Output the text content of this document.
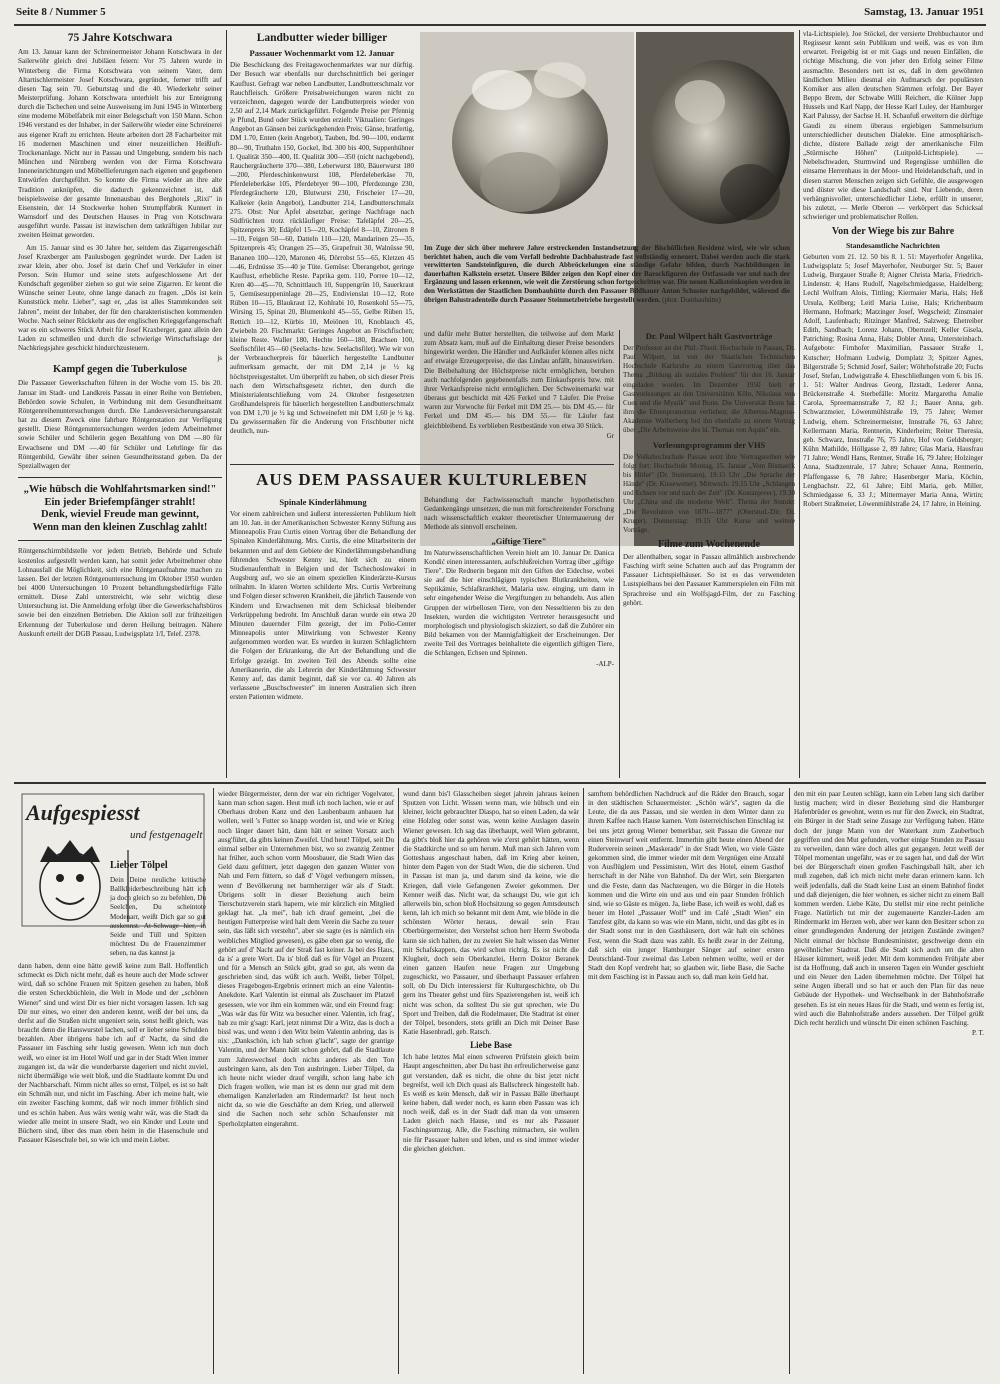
Seite 8 / Nummer 5	Samstag, 13. Januar 1951
75 Jahre Kotschwara

Am 13. Januar kann der Schreinermeister Johann Kotschwara in der Sailerwöhr gleich drei Jubiläen feiern: Vor 75 Jahren wurde in Winterberg die Firma Kotschwara von seinem Vater, dem Altartischlermeister Josef Kotschwara, gegründet, ferner trifft auf diesen Tag sein 70. Geburtstag und die 40. Wiederkehr seiner Meisterprüfung. Johann Kotschwara unterhielt bis zur Enteignung durch die Tschechen und seine Ausweisung im Juni 1945 in Winterberg eine moderne Möbelfabrik mit einer Belegschaft von 150 Mann. Schon 1946 verstand es der Inhaber, in der Sailerwöhr wieder eine Schreinerei aus eigener Kraft zu errichten. Heute arbeiten dort 28 Facharbeiter mit 16 modernen Maschinen und einer neuzeitlichen Heißluft-Trockenanlage. Nicht nur in Passau und Umgebung, sondern bis nach München und Nürnberg werden von der Firma Kotschwara Inneneinrichtungen und Möbellieferungen nach eigenen und gegebenen Entwürfen durchgeführt. So konnte die Firma wieder an ihre alte Tradition anknüpfen, die dadurch gekennzeichnet ist, daß beispielsweise der gesamte Innenausbau des Berghotels „Rixi" in Eisenstein, der 14 Stockwerke hohen Strumpffabrik Kunnert in Warnsdorf und des Deutschen Hauses in Prag von Kotschwara ausgeführt wurde. Passau ist inzwischen dem tatkräftigen Jubilar zur zweiten Heimat geworden.

Am 15. Januar sind es 30 Jahre her, seitdem das Zigarrengeschäft Josef Kraxberger am Paulusbogen gegründet wurde. Der Laden ist zwar klein, aber oho. Josef ist darin Chef und Verkäufer in einer Person. Sein Humor und seine stets aufgeschlossene Art der Kundschaft gegenüber ziehen so gut wie seine Zigarren. Er kennt die Wünsche seiner Leute, ohne lange danach zu fragen. „Dös ist kein Kunststück mehr. Lieber", sagt er, „das ist alles Stammkunden seit Jahren", meint der Inhaber, der für den charakteristischen kommenden Woche. Nach seiner Rückkehr aus der englischen Kriegsgefangenschaft war es ein schweres Stück Arbeit für Josef Kraxberger, ganz allein den Laden zu schmeißen und durch die schwierige Wirtschaftslage der Nachkriegsjahre geschickt hindurchzusteuern.

js
Kampf gegen die Tuberkulose

Die Passauer Gewerkschaften führen in der Woche vom 15. bis 20. Januar im Stadt- und Landkreis Passau in einer Reihe von Betrieben, Behörden sowie Schulen, in Verbindung mit dem Gesundheitsamt Röntgenreihenuntersuchungen durch. Die Landesversicherungsanstalt hat zu diesem Zweck eine fahrbare Röntgenstation zur Verfügung gestellt. Diese Röntgenuntersuchungen werden jedem Arbeitnehmer sowie Schüler und Schülerin gegen Bezahlung von DM —.80 für Erwachsene und DM —.40 für Schüler und Lehrlinge für das Röntgenbild, Gewähr über seinen Gesundheitsstand geben. Da der Speziallwagen der

„Wie hübsch die Wohlfahrtsmarken sind!"
Ein jeder Briefempfänger strahlt!
Denk, wieviel Freude man gewinnt,
Wenn man den kleinen Zuschlag zahlt!

Röntgenschirmbildstelle vor jedem Betrieb, Behörde und Schule kostenlos aufgestellt werden kann, hat somit jeder Arbeitnehmer ohne Lohnausfall die Möglichkeit, sich eine Röntgenaufnahme machen zu lassen. Bei der letzten Röntgenuntersuchung im Oktober 1950 wurden bei 4000 Untersuchungen 10 Prozent behandlungsbedürftige Fälle ermittelt. Diese Zahl unterstreicht, wie sehr wichtig diese Untersuchung ist. Die Anmeldung erfolgt über die Gewerkschaftsbüros sowie bei den einzelnen Betrieben. Die Aktion soll zur frühzeitigen Erkennung der Tuberkulose und deren Heilung beitragen. Nähere Auskunft erteilt der DGB Passau, Ludwigsplatz 1/I, Telef. 2378.

Landbutter wieder billiger
Passauer Wochenmarkt vom 12. Januar

Die Beschickung des Freitagswochenmarktes war nur dürftig. Der Besuch war ebenfalls nur durchschnittlich bei geringer Kauflust. Gefragt war neben Landbutter, Landbutterschmalz vor Rauchfleisch. Größere Preisabweichungen waren nicht zu verzeichnen, dagegen wurde der Landbutterpreis wieder von 2,50 auf 2,14 Mark zurückgeführt. Folgende Preise per Pfennig je Pfund, Bund oder Stück wurden erzielt: Viktualien: Geringes Angebot an Gänsen bei zurückgehenden Preis; Gänse, bratfertig, DM 1.70, Enten (kein Angebot), Tauben, lbd. 90—100, endarmt 80—90, Truthahn 150, Gockel, lbd. 300 bis 400, Suppenhühner I. Qualität 350—400, II. Qualität 300—350 (nicht nachgebend), Rauchergräucherte 370—380, Leberwurst 180, Bäuerwurst 180—200, Pferdeschinkenwurst 108, Pferdeleberkäse 70, Pferdeleberkäse 105, Pferdebryer 90—100, Pferdezunge 230, Pferdegräucherte 120, Blutwurst 230, Frischeier 17—20, Kalkeier (kein Angebot), Landbutter 214, Landbutterschmalz 275. Obst: Nur Äpfel absetzbar, geringe Nachfrage nach Südfrüchten trotz rückläufiger Preise: Tafeläpfel 20—25, Spitzenpreis 30; Edäpfel 15—20, Kochäpfel 8—10, Zitronen 8—10, Feigen 50—60, Datteln 110—120, Mandarinen 25—35, Spitzenpreis 45; Orangen 25—35, Grapefruit 30, Walnüsse 90, Bananen 100—120, Maronen 46, Dörrobst 55—65, Kletzen 45—46, Erdnüsse 35—40 je Tüte. Gemüse: Überangebot, geringe Kauflust, erhebliche Reste. Paprika gem. 110, Porree 10—12, Kren 40—45—70, Schnittlauch 10, Suppengrün 10, Sauerkraut 5, Gemüsesuppeninlage 20—25, Endivienslat 10—12, Rote Rüben 10—15, Blaukraut 12, Kohlrabi 10, Rosenkohl 55—75, Wirsing 15, Spinat 20, Blumenkohl 45—55, Gelbe Rüben 15, Rettich 10—12, Kürbis 10, Meiönen 10, Knoblauch 45, Zwiebeln 20. Fischmarkt: Geringes Angebot an Frischfischen; kleine Reste. Waller 180, Hechte 160—180, Brachsen 100, Seefischfilet 45—60 (Seelachs- bzw. Seelachsfilet). Wie wir von der Verbraucherpreis für bäuerlich hergestellte Landbutter aufmerksam gemacht, der mit DM 2,14 je ½ kg höchstpreisgestaltet. Um überprüft zu haben, ob sich dieser Preis nach dem Wirtschaftsgesetz richtet, den durch die Ministerialentschließung vom 24. Oktober festgesetzten Großhandelspreis für bäuerlich hergestellten Landbutterschmalz von DM 1,70 je ½ kg und Schweinefett mit DM 1,60 je ½ kg. Da gewissermaßen für die Anderung von Frischbutter nicht deutlich, nun-

Im Zuge der sich über mehrere Jahre erstreckenden Instandsetzung der Bischöflichen Residenz wird, wie wir schon berichtet haben, auch die vom Verfall bedrohte Dachbalustrade fast vollständig erneuert. Dabei werden auch die stark verwitterten Sandsteinfiguren, die durch Abbröckelungen eine ständige Gefahr bilden, durch Nachbildungen in dauerhaften Kalkstein ersetzt. Unsere Bilder zeigen den Kopf einer der Barockfiguren der Ostfassade vor und nach der Ergänzung und lassen erkennen, wie weit die Zerstörung schon fortgeschritten war. Die neuen Kalksteinkopien werden in den Werkstätten der Staatlichen Dombauhütte durch den Passauer Bildhauer Anton Schuster nachgebildet, während die übrigen Balustradenteile durch Passauer Steinmetzbetriebe hergestellt werden. (phot. Dombauhütte)
AUS DEM PASSAUER KULTURLEBEN
Spinale Kinderlähmung

Vor einem zahlreichen und äußerst interessierten Publikum hielt am 10. Jan. in der Amerikanischen Schwester Kenny Stiftung aus Minneapolis Frau Curtis einen Vortrag über die Behandlung der Spinalen Kinderlähmung. Mrs. Curtis, die eine Mitarbeiterin der bekannten und auf dem Gebiete der Kinderlähmungsbehandlung führenden Schwester Kenny ist, hielt sich zu einem Studienaufenthalt in Belgien und der Tschechoslowakei in Augsburg auf, wo sie an einem speziellen Kinderärzte-Kursus teilnahm. In klaren Worten schilderte Mrs. Curtis Verbreitung und Folgen dieser schweren Krankheit, die jährlich Tausende von Kindern und Erwachsenen mit dem Schicksal bleibender Verkrüppelung bedroht. Im Anschluß daran wurde ein etwa 20 Minuten dauernder Film gezeigt, der im Polio-Center Minneapolis unter Mitwirkung von Schwester Kenny aufgenommen worden war. Es wurden in kurzen Schlaglichtern die Folgen der Erkrankung, die Art der Behandlung und die Erfolge gezeigt. Im zweiten Teil des Abends sollte eine Amerikanerin, die als Lehrerin der Kinderlähmung Schwester Kenny auf, das damit beginnt, daß sie vor ca. 40 Jahren als verlassene „Buschschwester" im inneren Australien sich ihren ersten Patienten widmete.

Behandlung der Fachwissenschaft manche hypothetischen Gedankengänge umsetzen, die nun mit fortschreitender Forschung nach wissenschaftlich exakter theoretischer Untermauerung der Methode als sinnvoll erscheinen.

„Giftige Tiere"

Im Naturwissenschaftlichen Verein hielt am 10. Januar Dr. Danica Kondić einen interessanten, aufschlußreichen Vortrag über „giftige Tiere". Die Rednerin begann mit den Giften der Eidechse, wobei sie auf die hier einschlägigen typischen Blutkrankheiten, wie Septikämie, Schlafkrankheit, Malaria usw. einging, um dann in sehr eingehender Weise die Vergiftungen zu behandeln. Aus allen Gruppen der wirbellosen Tiere, von den Nesseltieren bis zu den Insekten, wurden die wichtigsten Vertreter herausgesucht und morphologisch und physiologisch skizziert, so daß die Zuhörer ein Bild bekamen von der Mannigfaltigkeit der Erscheinungen. Der zweite Teil des Vortrages beinhaltete die eigentlich giftigen Tiere, die Schlangen, Echsen und Spinnen.

-ALP-

und dafür mehr Butter herstellten, die teilweise auf dem Markt zum Absatz kam, muß auf die Einhaltung dieser Preise besonders hingewirkt werden. Die Händler und Aufkäufer können alles nicht auf etwaige Erzeugerpreise, die das Lindau anfällt, hinauswirken. Die Beibehaltung der Höchstpreise nicht ermöglichen, beruhen auch nachfolgenden gegebenenfalls zum Einkaufspreis bzw. mit ihrer Verkaufspreise nicht ermöglichen. Der Schweinemarkt war überaus gut beschickt mit 426 Ferkel und 7 Läufer. Die Preise waren zur Vorwoche für Ferkel mit DM 25.— bis DM 45.— für Ferkel und DM 45.— bis DM 55.— für Läufer fast gleichbleibend. Es verblieben Restbestände von etwa 30 Stück.

Gr
Dr. Paul Wilpert hält Gastvorträge

Der Professor an der Phil.-Theol. Hochschule in Passau, Dr. Paul Wilpert, ist von der Staatlichen Technischen Hochschule Karlsruhe zu einem Gastvortrag über das Thema „Bildung als soziales Problem" für den 16. Januar eingeladen worden. Im Dezember 1950 hielt er Gastvorlesungen an den Universitäten Köln, Nikolaus von Cues und die Mystik" und Bonn. Die Universität Bonn hat ihm die Ehrenpromotion verliehen; die Albertus-Magnus-Akademie Walberberg lud ihn ebenfalls zu einem Vortrag über „Die Arbeitsweise des hl. Thomas von Aquin" ein.

Vorlesungsprogramm der VHS

Die Volkshochschule Passau setzt ihre Vortragsreihen wie folgt fort: Hochschule Montag, 15. Januar „Vom Bismarck bis Hitler" (Dr. Steinmann), 19.15 Uhr „Die Sprache der Hände" (Dr. Kiesewetter). Mittwoch: 19.15 Uhr „Schlangen und Echsen vor und nach der Zeit" (Dr. Kostanjevec), 19.30 Uhr „China und die moderne Welt". Thema der Stunde: „Die Revolution von 1870—1877" (Oberstud.-Dir. Dr. Kruger). Donnerstag: 19.15 Uhr Kurse und weitere Vorträge.

Filme zum Wochenende

Der allenthalben, sogar in Passau allmählich ausbrechende Fasching wirft seine Schatten auch auf das Programm der Passauer Lichtspielhäuser. So ist es das verwendeten Lustspielhaus bei den Passauer Kammerspielen ein Film mit Sprachreise und ein Wolfsjagd-Film, der zu Fasching gehört.

vla-Lichtspiele). Joe Stöckel, der versierte Drehbuchautor und Regisseur kennt sein Publikum und weiß, was es von ihm erwartet. Freigebig ist er mit Gags und neuen Einfällen, die richtige Mischung, die von jeher den Erfolg seiner Filme ausmachte. Besonders nett ist es, daß in dem gewöhnten ländlichen Milieu diesmal ein Aufmarsch der populärsten Komiker aus allen deutschen Stämmen erfolgt. Der Bayer Beppo Brem, der Schwabe Willi Reichert, die Kölner Jupp Hussels und Karl Napp, der Hesse Karl Luley, der Hamburger Karl Palussy, der Sachse H. H. Schaufuß erweitern die dürftige Gaudi zu einem überaus ergiebigen Sammelsurium unterschiedlicher deutschen Dialekte. Eine atmosphärisch-dichte, düstere Ballade zeigt der amerikanische Film „Stürmische Höhen" (Luitpold-Lichtspiele). — Nebelschwaden, Sturmwind und Regengüsse umhüllen die einsame Herrenhaus in der Moor- und Heidelandschaft, und in diesen starren Menschen zeigen sich Gefühle, die ausgewogen und düster wie diese Landschaft sind. Nur Liebende, deren verhängnisvoller, unterschiedlicher Liebe, erfüllt in unserer, bis zuletzt, — Merle Oberon — verkörpert das Schicksal schwieriger und problematischer Rollen.

Von der Wiege bis zur Bahre
Standesamtliche Nachrichten

Geburten vom 21. 12. 50 bis 8. 1. 51: Mayerhofer Angelika, Ludwigsplatz 5; Josef Mayerhofer, Neuburger Str. 5; Bauer Ludwig, Burgauer Straße 8; Aigner Christa Maria, Friedrich-Lindenstr. 4; Hans Rudolf, Nagelschmiedgasse, Haidelberg; Lechl Wolfram Alois, Tittling; Kiermaier Maria, Hals; Heß Ursula, Kellberg; Leitl Maria Luise, Hals; Krichenbaum Hermann, Hofmark; Matzinger Josef, Wegscheid; Zinsmaier Adolf, Laufenbach; Ritzinger Manfred, Salzweg; Ehetreiber Edith, Sandbach; Lorenz Johann, Obernzell; Keller Gisela, Patriching; Rosina Anna, Hals; Dobler Anna, Untersteinbach. Aufgebote: Firnhofer Maximilian, Passauer Straße 1, Kutscher; Hofmann Ludwig, Domplatz 3; Spitzer Agnes, Bilgerstraße 5; Schmid Josef, Sailer; Wöhrhofstraße 20; Fuchs Josef, Stefan, Ludwigstraße 4. Eheschließungen vom 6. bis 16. 1. 51: Walter Andreas Georg, Ilzstadt, Lederer Anna, Brückenstraße 4. Sterbefälle: Moritz Margaretha Amalie Carola, Spreemannstraße 7, 82 J.; Bauer Anna, geb. Schwarzmeier, Löwenmühlstraße 19, 75 Jahre; Werner Ludwig, ehem. Schreinermeister, Innstraße 76, 63 Jahre; Kellermann Maria, Rentnerin, Kinderheim; Reiter Theresia, geb. Schwarz, Innstraße 76, 75 Jahre, Hof von Geldsberger; Kühn Mathilde, Höllgasse 2, 89 Jahre; Glas Maria, Hausfrau 71 Jahre; Wendl Hans, Rentner, Straße 16, 79 Jahre; Holzinger Anna, Stadtzentrale, 17 Jahre; Schauer Anna, Rentnerin, Pfaffengasse 6, 78 Jahre; Hasenberger Maria, Köchin, Lengbachstr. 22, 61 Jahre; Eibl Maria, geb. Miller, Schmiedgasse 6, 33 J.; Mittermayer Maria Anna, Wirtin; Robert Straßmeier, Löwenmühlstraße 24, 17 Jahre, in Heining.

Aufgespiesst
und festgenagelt
Lieber Tölpel

Dein Deine neuliche kritische Ballkleiderbeschreibung hätt ich ja doch gleich so zu befehlen, Du Seelchen, Du scheintote Modenarr, weißt Dich gar so gut auskennst. At-Schwage hier, in Seide und Tüll und Spitzen möchtest Du de Frauenzimmer sehen, na das kannst ja

dann haben, denn eine hätte gewiß keine zum Ball. Hoffentlich schmeckt es Dich nicht mehr, daß es heute auch der Mode schwer wird, daß so schöne Frauen mit Spitzen gesehen zu haben, bloß die ersten Scheckbüchlein, die Welt in Mode und der „schönen Wiener" sind und wirst Dir es hier nicht vorsagen lassen. Ich sag Dir nur eines, wo einer den anderen kennt, weiß der bei uns, da derfst auf die Straßen nicht ungeniert sein, sonst heißt gleich, was braucht denn die Hanswurstel lachen, soll er lieber seine Schulden bezahlen. Aber übrigens habe ich auf d' Nacht, da sind die Passauer im Fasching sehr lustig gewesen. Wenn ich nun doch weiß, wo einer ist im Hotel Wolf und gar in der Stadt Wien immer zugangen ist, da wär die wunderbarste dageriert und nicht zuviel, nicht übermäßige wie weit bloß, und die Stadtlaute kommt Du und der Nachbarschaft. Nimm nicht alles so ernst, Tölpel, es ist so halt ein Schmäh nur, und nicht im Fasching. Aber ich meine halt, wie ein zweiter Fasching kommt, daß wir noch immer fröhlich sind und es schön haben. Aus wärs wenig wahr wär, was die Stadt da wieder alle meint in unsere Stadt, wo ein Kinder und Leute und Büchern sind, über des man eben heim in die Hasenschule und Passauer Käseschule bei, so wie ich und mein Lieber.

wieder Bürgermeister, denn der war ein richtiger Vogelvater, kann man schon sagen. Heut muß ich noch lachen, wie er auf Oberhaus droben Kanz und den Laubenbaum anbauen hat wollen, weil 's Futter so knapp worden ist, und wie er Krieg noch länger dauert hätt, dann hätt er seinen Vorsatz auch ausg'führt, da gibts keinen Zweifel. Und heut! Tölpel, seit Du einmal selber ein Unternehmen bist, wo so zwanzig Zentner hat früher, auch schon vorm Moosbauer, die Stadt Wien das Geld dazu gefüttert, jetzt dagegen den ganzen Winter von Nah und Fern füttern, so daß d' Vögel verhungern müssen, wenn d' Bevölkerung net barmherziger wär als d' Stadt. Übrigens sollt in dieser Beziehung auch beim Tierschutzverein stark hapern, wie mir kürzlich ein Mitglied geklagt hat. „Ja mei", hab ich drauf gemeint, „bei die heutigen Futterpreise wird halt dem Verein die Sache zu teuer sein, das läßt sich verstehn", aber sie sagte (es is nämlich ein weibliches Mitglied gewesen), es gäbe eben gar so wenig, die gehört auf d' Nacht auf der Straß fast keiner. Ja bei des Haus, da is' a grete Wort. Da is' bloß daß es für Vögel an Prozent und für a Mensch an Stück gibt, grad so gut, als wenn da geschrieben sind, das wüßt ich auch. Weißt, lieber Tölpel, dieses Fragebogen-Ergebnis erinnert mich an eine Valentin-Anekdote. Karl Valentin ist einmal als Zuschauer im Platzel gesessen, wie vor ihm ein kommen wär, und ein Freund frag: „Was wär das für Witz wa besucher einer. Valentin, ich frag', hab zu mir g'sagt: Karl, jetzt nimmst Dir a Witz, das is doch a bissl was, und wenn i den Witz beim Valentin anbring, das is nix: „Dankschön, ich hab schon g'lacht", sagte der grantige Valentin, und der Mann hätt schon gehört, daß die Stadtlaute zum Jahreswechsel doch nichts anderes als den Ton ausbringen kann, als den Ton ausbringen. Lieber Tölpel, da ich heute nicht wieder drauf vergißt, schon lang habe ich Dich fragen wollen, wie man ist es denn nur grad mit dem ehemaligen Kanzlerladen am Rindermarkt? Ist heut noch nicht da, so wie die Geschäfte an dem Krieg, und allerweil sind die Sachen noch sehr schön Schaufenster mit Sperholzplatten eingerahmt.

wund dann bis'l Glasscheiben sieget jahrein jahraus keinen Sputzen von Licht. Wissen wenn man, wie hübsch und ein kleiner, leicht gebrauchter Diaspo, hat so einen Laden, da wär eine Holzleg oder sonst was, wenn keine Auslagen dasein Wiener gewesen. Ich sag das überhaupt, weil Wien gebrannt, da gibt's bloß hier da gehören wie z'erst gehört hätten, wenn die Stadtkirche und so um herum. Muß man sich Jahren vom Gotteshaus angeschaut haben, daß im Krieg aber keinen, hinter dem Pagen von der Stadt Wien, die die sicheren. Und in Passau ist man ja, und darum sind da keine, wie die Kriegen, daß viele Gefangenen Zweier gekommen. Der Kenner weiß das. Nicht war, da schaugst Du, wie gut ich allerweils bin, schon bloß Hochsitzung so gegen Amtsdeutsch kenn, lah ich mich so bekannt mit dem Amt, wie blöde in die schönsten Wörter heraus, dewail sein Frau Oberbürgermeister, den Verstehst schon herr Herrn Swoboda kann sie sich halten, der zu zweien Sie halt wissen das Wetter mit Schafskappen, das wird schon richtig. Es ist nicht die Klugheit, doch sein Oberkanzlei, Herrn Doktor Beranek einen ganzen Haufen neue Fragen zur Umgebung zugeschickt, wo Passauer, und überhaupt Passauer erfahren soll, ob Du Dich interessierst für Kulturgeschichte, ob Du gern ins Theater gehst und fürs Spazierengehen ist, weiß ich nicht was schon, da solltest Du sie gut sprechen, wie Du Sport und Treiben, daß die Rodelmauer, Die Stadtrat ist einer der Tölpel, besonders, stets grüßt an Dich mit Deiner Base Katie Hasenbradl, geb. Ratsch.

Liebe Base

Ich habe letztes Mal einen schweren Prüfstein gleich beim Haupt angeschnitten, aber Du hast ihn erfreulicherweise ganz gut verstanden, daß es nicht, die ohne du bist jetzt nicht begreifst, weil ich Dich quasi als Ballschreck hingestellt hab. Es weiß es kein Mensch, daß wir in Passau Bälle überhaupt keine haben, daß weder noch, es kann eben Passau was ich noch weiß, daß es in der Stadt daß man da von umseren Laden gleich nach Hause, und es nur als Passauer Faschingsumzug. Alle, die Fasching mitmachen, sie wollen nie für Passauer halten und leben, und es sind immer wieder die gleichen gleichen.

samftem behördlichen Nachdruck auf die Räder den Brauch, sogar in den städtischen Schauermeister. „Schön wär's", sagten da die Leute, die da aus Passau, und sie werden in dem Winter dann zu ihrem Kaffee nach Hause kamen. Vom österreichischen Einschlag ist bei uns jetzt genug Wiener bemerkbar, seit Passau die Grenze nur einen Steinwurf weit entfernt. Immerhin gibt heute einen Abend der Ruderverein seinen „Maskerade" in der Stadt Wien, wo viele Gäste gekommen sind, die immer wieder mit dem Vergnügen eine Anzahl von Ausflüglern und Pessimisten, Wirt des Hotel, einem Gasthof herrschaft in der Nähe von Bahnhof. Da der Wirt, sein Biergarten und die Feste, dann das Nachzeugen, wo die Bürger in die Hotels kommen und die Wirte ein und aus und ein paar Stunden fröhlich sind, wie so Gäste es mögen. Ja, liebe Base, ich weiß es wohl, daß es heuer im Hotel „Passauer Wolf" und im Café „Stadt Wien" ein Tanzfest gibt, da kann so was wie ein Mann, nicht, und das gibt es in der Stadt sonst nur in den Gasthäusern, dort wär halt ein schönes Fest, wenn die Stadt dazu was zahlt. Es heißt zwar in der Zeitung, daß sich ein junger Hamburger Sänger auf seiner ersten Deutschland-Tour zweimal das Leben nehmen wollte, weil er der Stadt den Kopf verdreht hat; so glauben wir, liebe Base, die Sache mit dem Fasching ist in Passau auch so, daß man kein Geld hat.

den mit ein paar Leuten schlägt, kann ein Leben lang sich darüber lustig machen; wird in dieser Beziehung sind die Hamburger Hafenbrüder es gewohnt, wenn es nur für den Zweck, ein Stadtrat, ein Bürger in der Stadt seine Zusage zur Verfügung haben. Hätte doch der junge Mann von der Waterkant zum Zauberbuch gegriffen und den Mut gefunden, vorher einige Stunden zu Passau zu verweilen, dann wäre doch alles gut gegangen. Jetzt weiß der Tölpel momentan ungefähr, was er zu sagen hat, und daß der Wirt bei der Bürgerschaft einen großen Faschingsball hält, aber ich muß zugeben, daß ich mich nicht mehr daran erinnern kann. Ich weiß jedenfalls, daß die Stadt keine Lust an einem Bahnhof findet und daß diejenigen, die hier wohnen, es sicher nicht zu einem Ball kommen werden. Liebe Käte, Du stellst mir eine recht peinliche Frage. Natürlich tut mir der zugemauerte Kanzler-Laden am Rindermarkt im Herzen weh, aber wer kann den Besitzer schon zu einer grundlegenden Änderung der jetzigen Zustände zwingen? Nicht einmal der höchste Bundesminister, geschweige denn ein gewöhnlicher Stadtrat. Daß die Stadt sich auch um die alten Häuser kümmert, weiß jeder. Mit dem kommenden Frühjahr aber ist da Hoffnung, daß auch in unseren Tagen ein Wunder geschieht und ein Neuer den Laden übernehmen möchte. Der Tölpel hat seine Augen überall und so hat er auch den Plan für das neue Gebäude der Hypothek- und Wechselbank in der Bahnhofstraße gesehen. Es ist ein neues Haus für die Stadt, und wenn es fertig ist, wird auch die Bahnhofstraße anders aussehen. Der Tölpel grüßt Dich recht herzlich und wünscht Dir einen schönen Fasching.

P. T.
